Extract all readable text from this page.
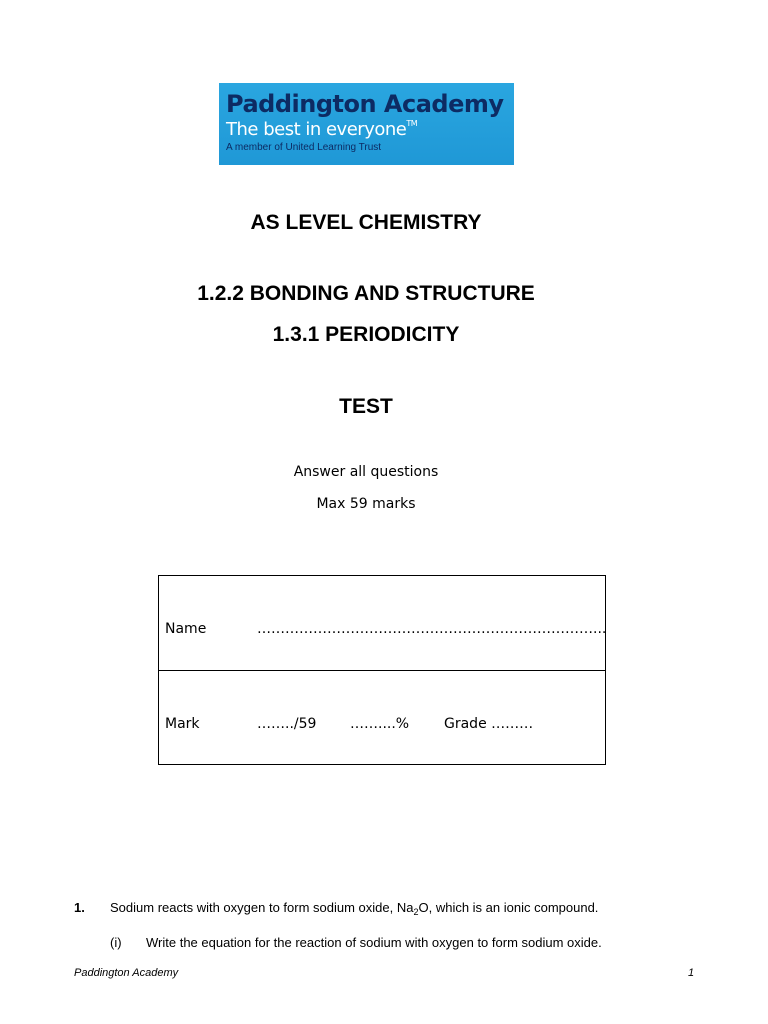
Paddington Academy
The best in everyone™
A member of United Learning Trust
AS LEVEL CHEMISTRY
1.2.2 BONDING AND STRUCTURE
1.3.1 PERIODICITY
TEST
Answer all questions
Max 59 marks
Name	………………………………………………………………...
Mark	……../59 ……....% Grade ………
1. Sodium reacts with oxygen to form sodium oxide, $Na_2O$, which is an ionic compound.
(i) Write the equation for the reaction of sodium with oxygen to form sodium oxide.
Paddington Academy	1
